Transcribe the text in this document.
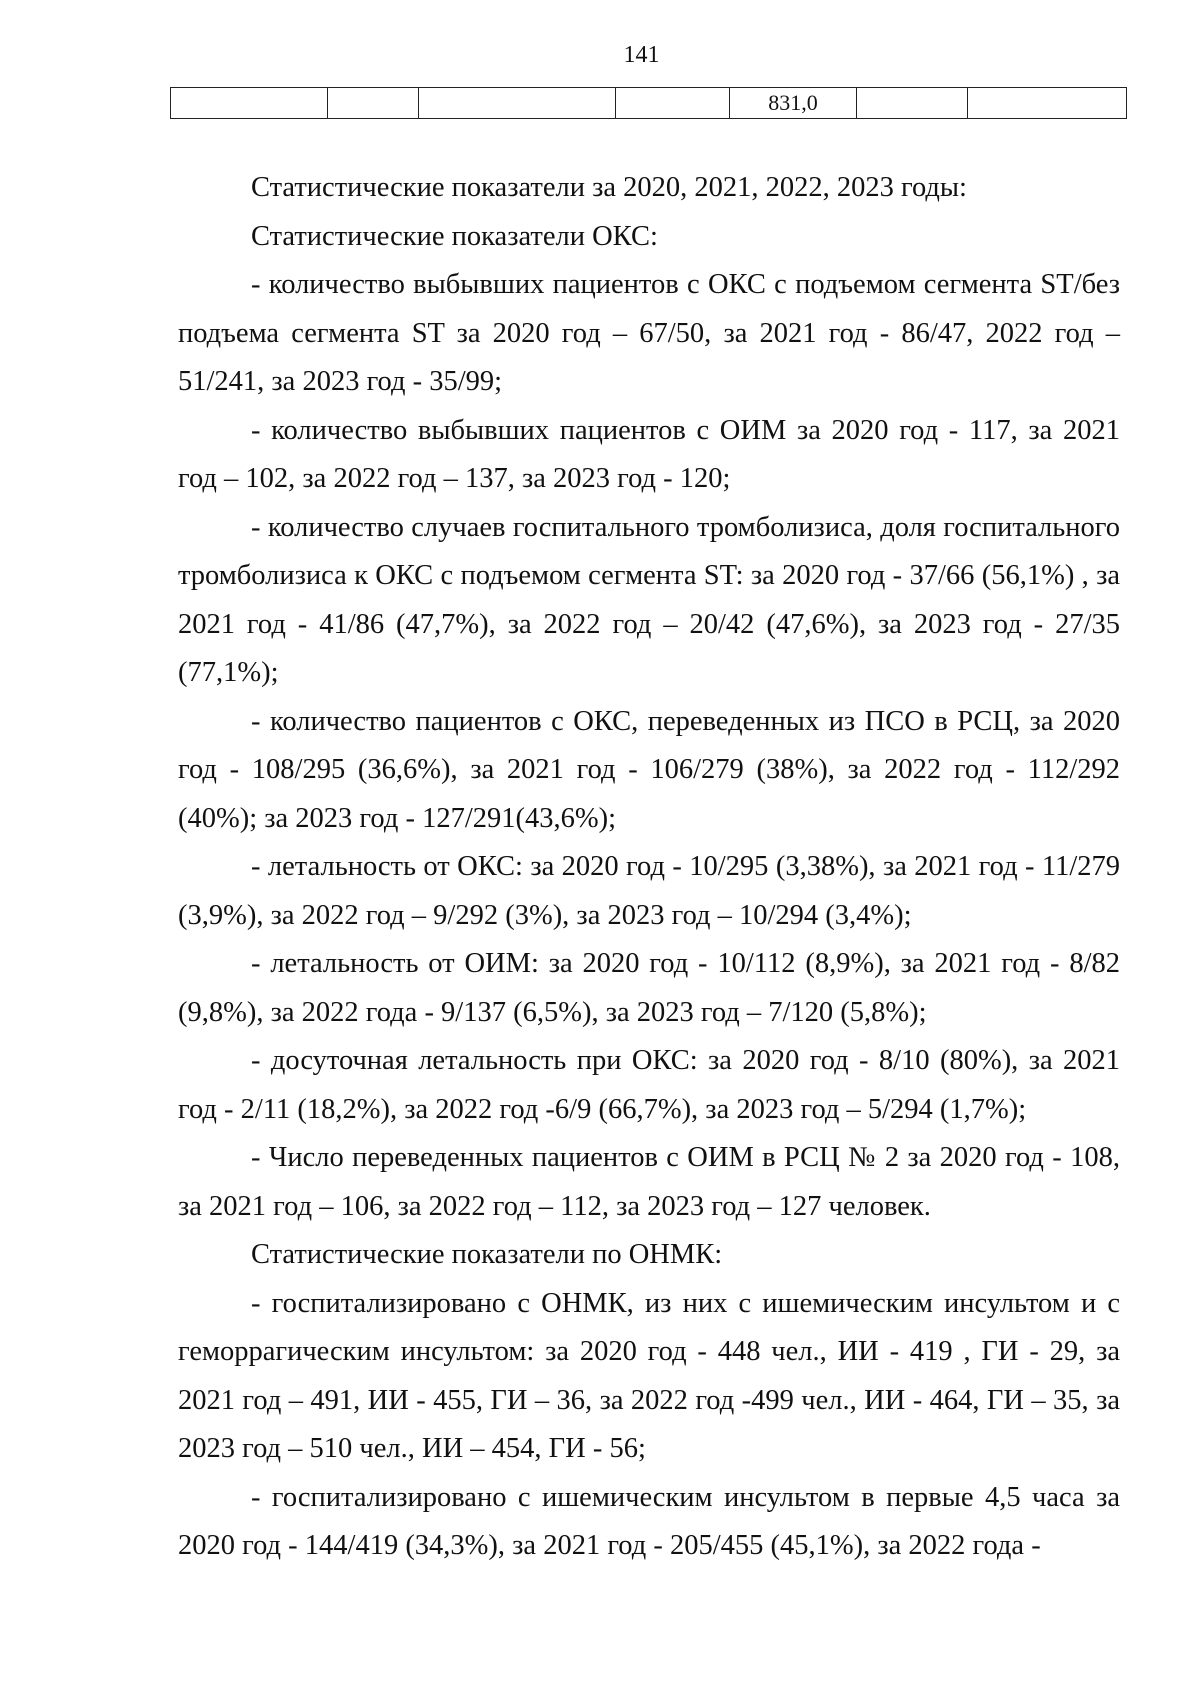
141
				831,0		

Статистические показатели за 2020, 2021, 2022, 2023 годы:

Статистические показатели ОКС:

- количество выбывших пациентов с ОКС с подъемом сегмента ST/без подъема сегмента ST за 2020 год – 67/50, за 2021 год - 86/47, 2022 год – 51/241, за 2023 год - 35/99;

- количество выбывших пациентов с ОИМ за 2020 год - 117, за 2021 год – 102, за 2022 год – 137, за 2023 год - 120;

- количество случаев госпитального тромболизиса, доля госпитального тромболизиса к ОКС с подъемом сегмента ST: за 2020 год - 37/66 (56,1%) , за 2021 год - 41/86 (47,7%), за 2022 год – 20/42 (47,6%), за 2023 год - 27/35 (77,1%);

- количество пациентов с ОКС, переведенных из ПСО в РСЦ, за 2020 год - 108/295 (36,6%), за 2021 год - 106/279 (38%), за 2022 год - 112/292 (40%); за 2023 год - 127/291(43,6%);

- летальность от ОКС: за 2020 год - 10/295 (3,38%), за 2021 год - 11/279 (3,9%), за 2022 год – 9/292 (3%), за 2023 год – 10/294 (3,4%);

- летальность от ОИМ: за 2020 год - 10/112 (8,9%), за 2021 год - 8/82 (9,8%), за 2022 года - 9/137 (6,5%), за 2023 год – 7/120 (5,8%);

- досуточная летальность при ОКС: за 2020 год - 8/10 (80%), за 2021 год - 2/11 (18,2%), за 2022 год -6/9 (66,7%), за 2023 год – 5/294 (1,7%);

- Число переведенных пациентов с ОИМ в РСЦ № 2 за 2020 год - 108, за 2021 год – 106, за 2022 год – 112, за 2023 год – 127 человек.

Статистические показатели по ОНМК:

- госпитализировано с ОНМК, из них с ишемическим инсультом и с геморрагическим инсультом: за 2020 год - 448 чел., ИИ - 419 , ГИ - 29, за 2021 год – 491, ИИ - 455, ГИ – 36, за 2022 год -499 чел., ИИ - 464, ГИ – 35, за 2023 год – 510 чел., ИИ – 454, ГИ - 56;

- госпитализировано с ишемическим инсультом в первые 4,5 часа за 2020 год - 144/419 (34,3%), за 2021 год - 205/455 (45,1%), за 2022 года -
